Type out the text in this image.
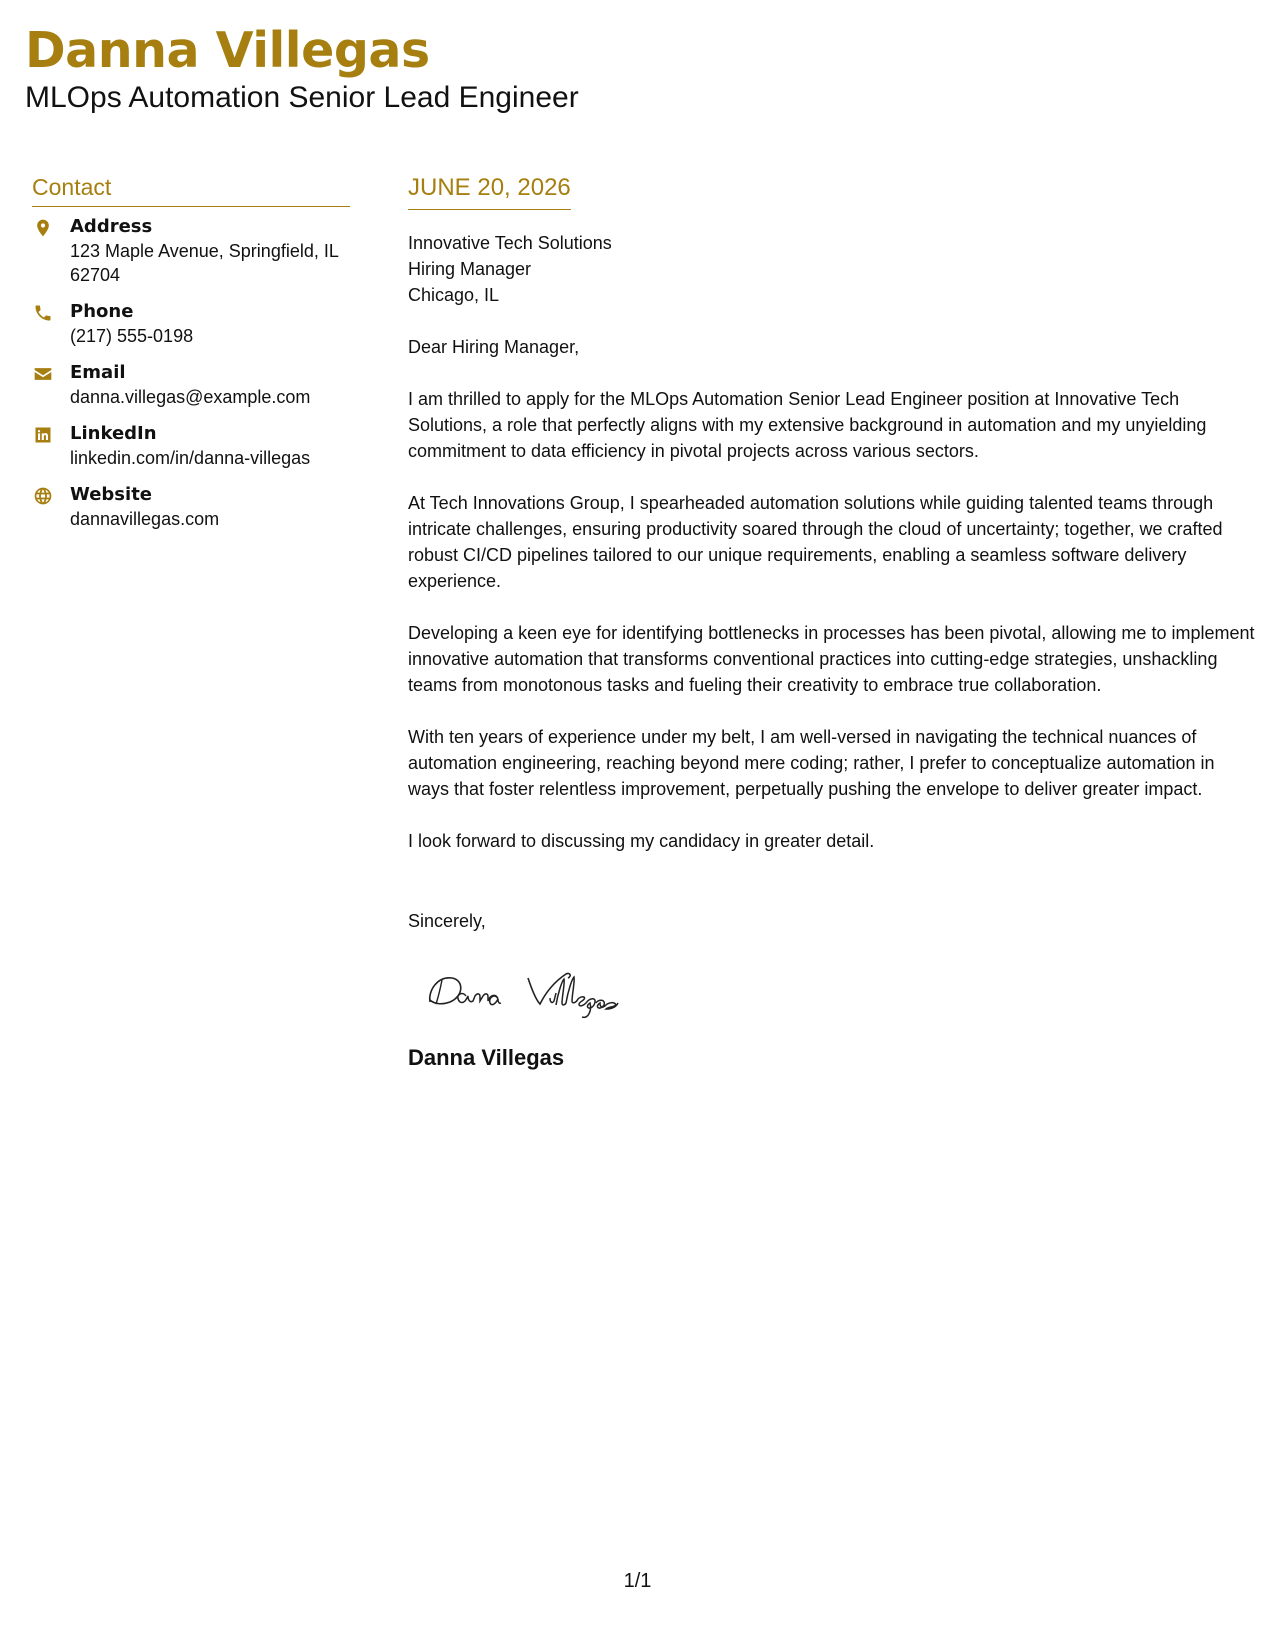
Danna Villegas
MLOps Automation Senior Lead Engineer
Contact
Address
123 Maple Avenue, Springfield, IL 62704
Phone
(217) 555-0198
Email
danna.villegas@example.com
LinkedIn
linkedin.com/in/danna-villegas
Website
dannavillegas.com
JUNE 20, 2026
Innovative Tech Solutions
Hiring Manager
Chicago, IL
Dear Hiring Manager,

I am thrilled to apply for the MLOps Automation Senior Lead Engineer position at Innovative Tech Solutions, a role that perfectly aligns with my extensive background in automation and my unyielding commitment to data efficiency in pivotal projects across various sectors.

At Tech Innovations Group, I spearheaded automation solutions while guiding talented teams through intricate challenges, ensuring productivity soared through the cloud of uncertainty; together, we crafted robust CI/CD pipelines tailored to our unique requirements, enabling a seamless software delivery experience.

Developing a keen eye for identifying bottlenecks in processes has been pivotal, allowing me to implement innovative automation that transforms conventional practices into cutting-edge strategies, unshackling teams from monotonous tasks and fueling their creativity to embrace true collaboration.

With ten years of experience under my belt, I am well-versed in navigating the technical nuances of automation engineering, reaching beyond mere coding; rather, I prefer to conceptualize automation in ways that foster relentless improvement, perpetually pushing the envelope to deliver greater impact.

I look forward to discussing my candidacy in greater detail.

Sincerely,
Danna Villegas
1/1
